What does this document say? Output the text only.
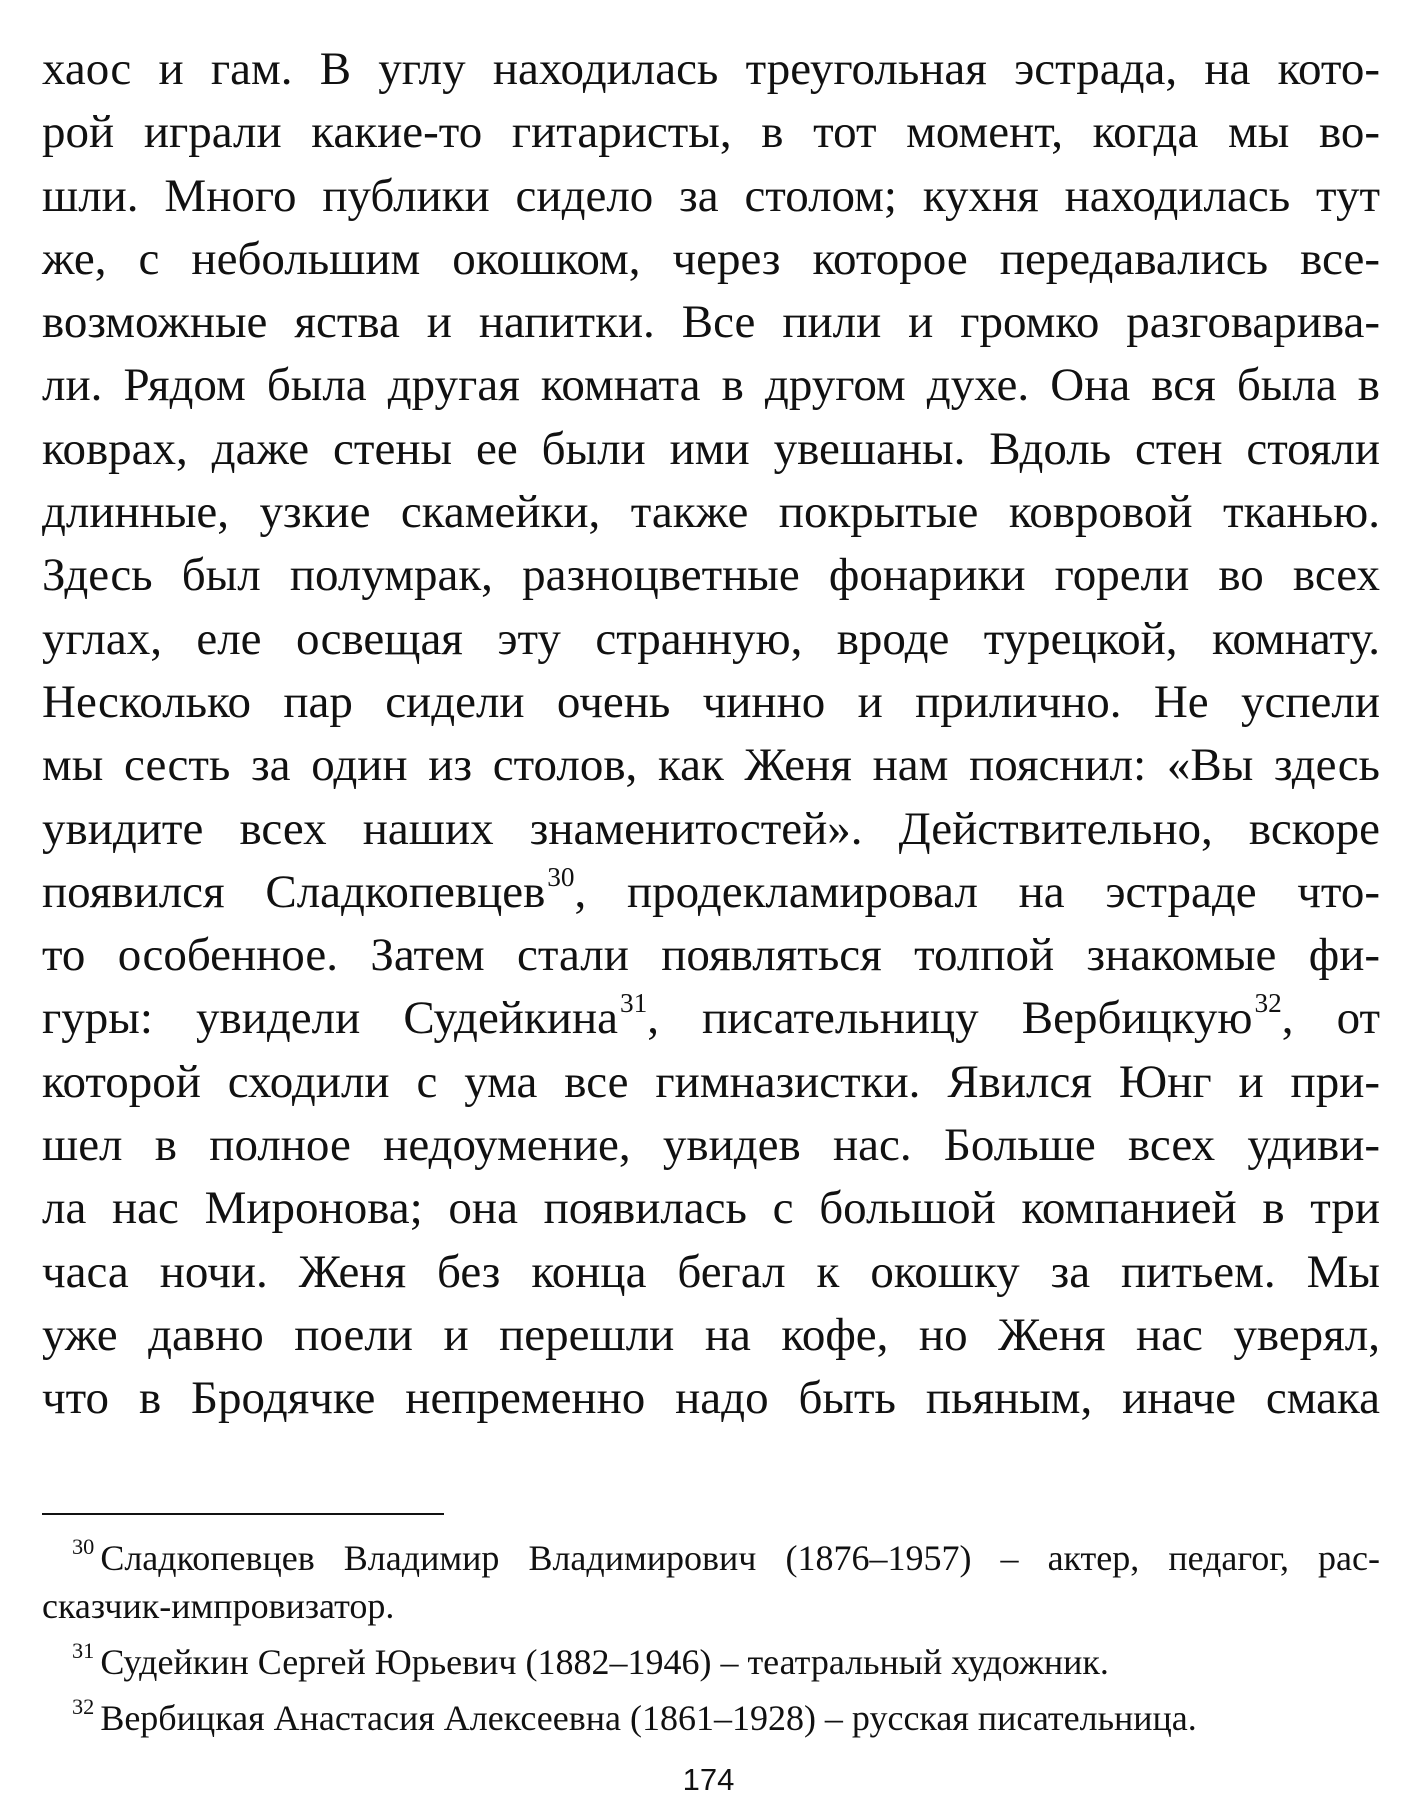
хаос и гам. В углу находилась треугольная эстрада, на кото-
рой играли какие-то гитаристы, в тот момент, когда мы во-
шли. Много публики сидело за столом; кухня находилась тут
же, с небольшим окошком, через которое передавались все-
возможные яства и напитки. Все пили и громко разговарива-
ли. Рядом была другая комната в другом духе. Она вся была в
коврах, даже стены ее были ими увешаны. Вдоль стен стояли
длинные, узкие скамейки, также покрытые ковровой тканью.
Здесь был полумрак, разноцветные фонарики горели во всех
углах, еле освещая эту странную, вроде турецкой, комнату.
Несколько пар сидели очень чинно и прилично. Не успели
мы сесть за один из столов, как Женя нам пояснил: «Вы здесь
увидите всех наших знаменитостей». Действительно, вскоре
появился Сладкопевцев$^{30}$, продекламировал на эстраде что-
то особенное. Затем стали появляться толпой знакомые фи-
гуры: увидели Судейкина$^{31}$, писательницу Вербицкую$^{32}$, от
которой сходили с ума все гимназистки. Явился Юнг и при-
шел в полное недоумение, увидев нас. Больше всех удиви-
ла нас Миронова; она появилась с большой компанией в три
часа ночи. Женя без конца бегал к окошку за питьем. Мы
уже давно поели и перешли на кофе, но Женя нас уверял,
что в Бродячке непременно надо быть пьяным, иначе смака
$^{30}$ Сладкопевцев Владимир Владимирович (1876–1957) – актер, педагог, рас-
сказчик-импровизатор.
$^{31}$ Судейкин Сергей Юрьевич (1882–1946) – театральный художник.
$^{32}$ Вербицкая Анастасия Алексеевна (1861–1928) – русская писательница.
174
